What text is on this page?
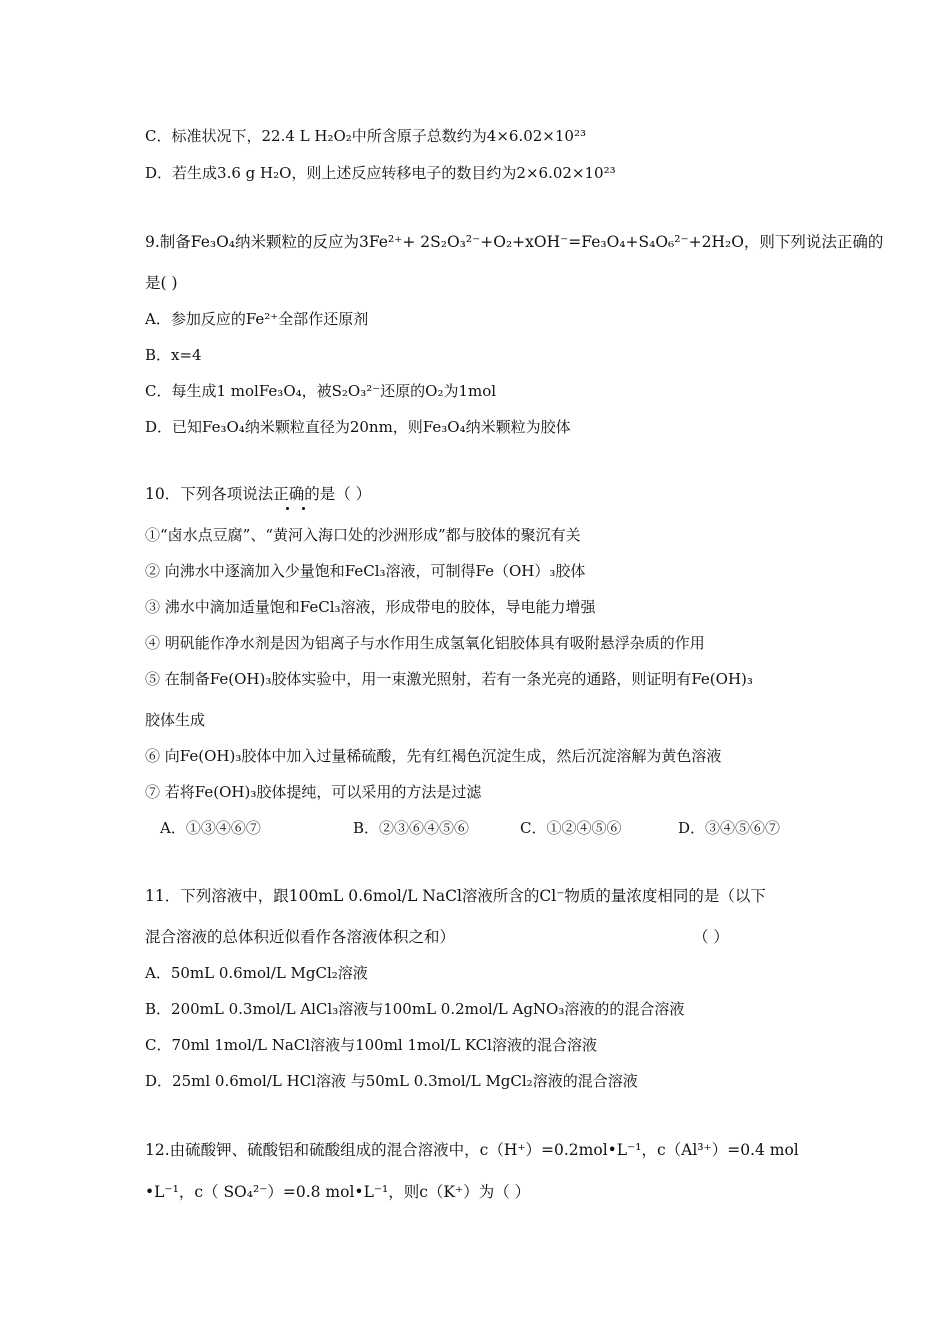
C．标准状况下，22.4 L H₂O₂中所含原子总数约为4×6.02×10²³
D．若生成3.6 g H₂O，则上述反应转移电子的数目约为2×6.02×10²³
9.制备Fe₃O₄纳米颗粒的反应为3Fe²⁺+ 2S₂O₃²⁻+O₂+xOH⁻=Fe₃O₄+S₄O₆²⁻+2H₂O，则下列说法正确的
是( )
A．参加反应的Fe²⁺全部作还原剂
B．x=4
C．每生成1 molFe₃O₄，被S₂O₃²⁻还原的O₂为1mol
D．已知Fe₃O₄纳米颗粒直径为20nm，则Fe₃O₄纳米颗粒为胶体
10．下列各项说法正确的是（ ）
①“卤水点豆腐”、“黄河入海口处的沙洲形成”都与胶体的聚沉有关
② 向沸水中逐滴加入少量饱和FeCl₃溶液，可制得Fe（OH）₃胶体
③ 沸水中滴加适量饱和FeCl₃溶液，形成带电的胶体，导电能力增强
④ 明矾能作净水剂是因为铝离子与水作用生成氢氧化铝胶体具有吸附悬浮杂质的作用
⑤ 在制备Fe(OH)₃胶体实验中，用一束激光照射，若有一条光亮的通路，则证明有Fe(OH)₃
胶体生成
⑥ 向Fe(OH)₃胶体中加入过量稀硫酸，先有红褐色沉淀生成，然后沉淀溶解为黄色溶液
⑦ 若将Fe(OH)₃胶体提纯，可以采用的方法是过滤
A．①③④⑥⑦	B．②③⑥④⑤⑥	C．①②④⑤⑥	D．③④⑤⑥⑦
11．下列溶液中，跟100mL 0.6mol/L NaCl溶液所含的Cl⁻物质的量浓度相同的是（以下
混合溶液的总体积近似看作各溶液体积之和）	（ ）
A．50mL 0.6mol/L MgCl₂溶液
B．200mL 0.3mol/L AlCl₃溶液与100mL 0.2mol/L AgNO₃溶液的的混合溶液
C．70ml 1mol/L NaCl溶液与100ml 1mol/L KCl溶液的混合溶液
D．25ml 0.6mol/L HCl溶液 与50mL 0.3mol/L MgCl₂溶液的混合溶液
12.由硫酸钾、硫酸铝和硫酸组成的混合溶液中，c（H⁺）=0.2mol•L⁻¹，c（Al³⁺）=0.4 mol
•L⁻¹，c（ SO₄²⁻）=0.8 mol•L⁻¹，则c（K⁺）为（ ）
